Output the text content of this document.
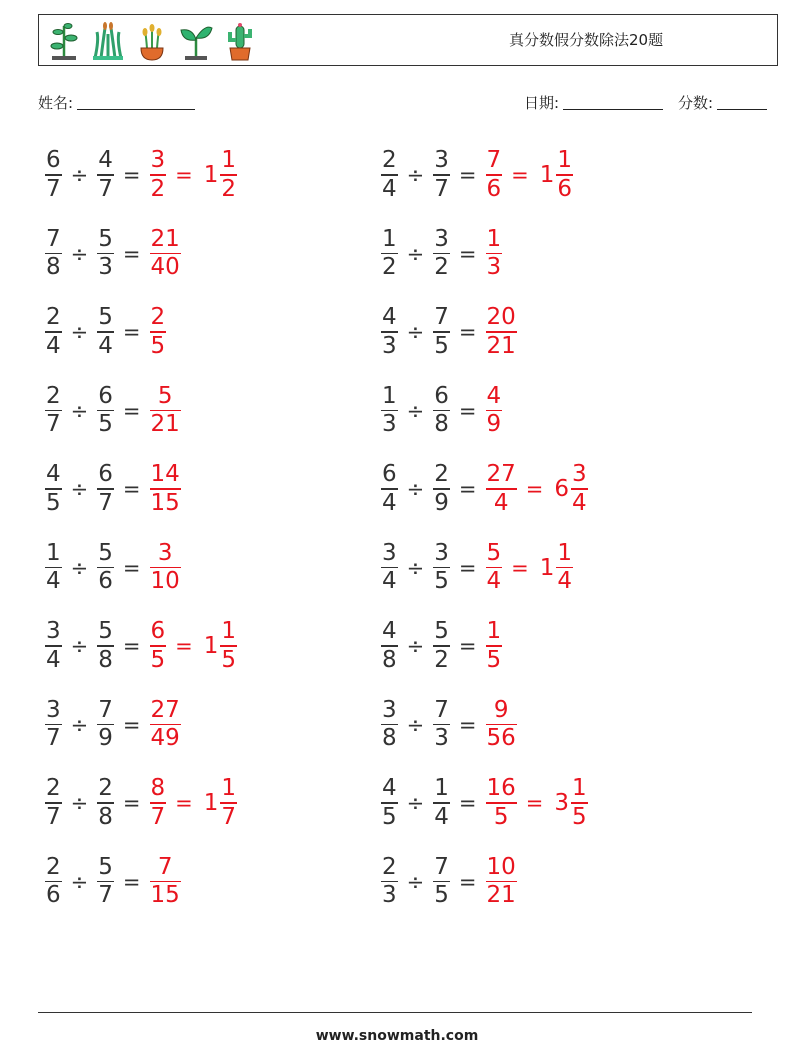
真分数假分数除法20题
姓名:	日期:	分数:
$\frac{6}{7} \div \frac{4}{7} = \frac{3}{2} = 1 \frac{1}{2}$	$\frac{2}{4} \div \frac{3}{7} = \frac{7}{6} = 1 \frac{1}{6}$
$\frac{7}{8} \div \frac{5}{3} = \frac{21}{40}$	$\frac{1}{2} \div \frac{3}{2} = \frac{1}{3}$
$\frac{2}{4} \div \frac{5}{4} = \frac{2}{5}$	$\frac{4}{3} \div \frac{7}{5} = \frac{20}{21}$
$\frac{2}{7} \div \frac{6}{5} = \frac{5}{21}$	$\frac{1}{3} \div \frac{6}{8} = \frac{4}{9}$
$\frac{4}{5} \div \frac{6}{7} = \frac{14}{15}$	$\frac{6}{4} \div \frac{2}{9} = \frac{27}{4} = 6 \frac{3}{4}$
$\frac{1}{4} \div \frac{5}{6} = \frac{3}{10}$	$\frac{3}{4} \div \frac{3}{5} = \frac{5}{4} = 1 \frac{1}{4}$
$\frac{3}{4} \div \frac{5}{8} = \frac{6}{5} = 1 \frac{1}{5}$	$\frac{4}{8} \div \frac{5}{2} = \frac{1}{5}$
$\frac{3}{7} \div \frac{7}{9} = \frac{27}{49}$	$\frac{3}{8} \div \frac{7}{3} = \frac{9}{56}$
$\frac{2}{7} \div \frac{2}{8} = \frac{8}{7} = 1 \frac{1}{7}$	$\frac{4}{5} \div \frac{1}{4} = \frac{16}{5} = 3 \frac{1}{5}$
$\frac{2}{6} \div \frac{5}{7} = \frac{7}{15}$	$\frac{2}{3} \div \frac{7}{5} = \frac{10}{21}$
www.snowmath.com
